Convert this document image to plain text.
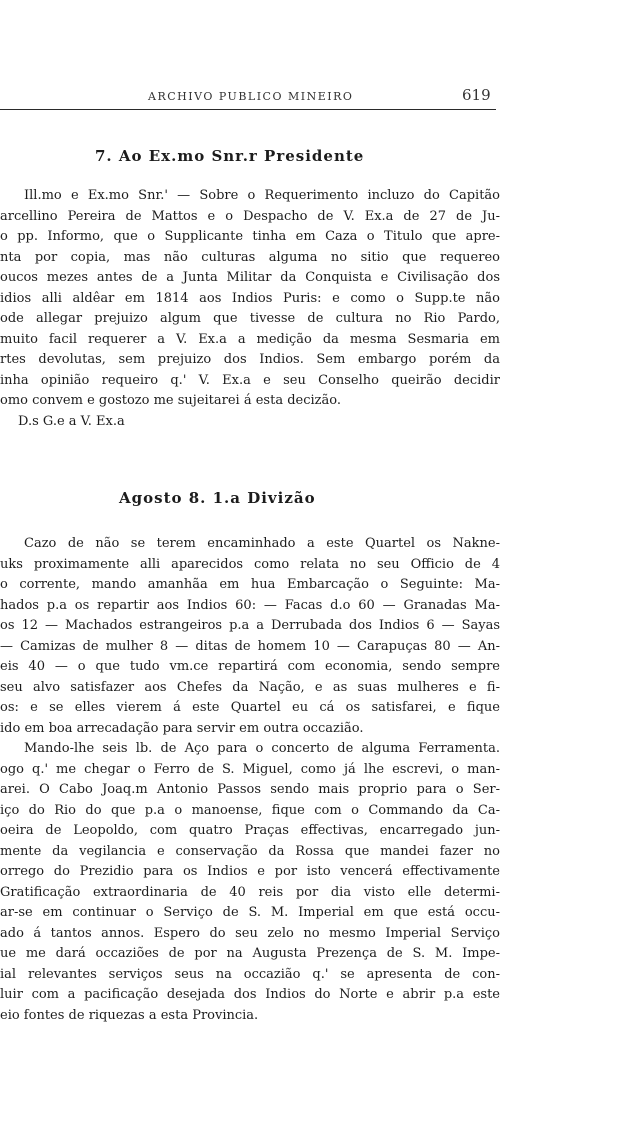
ARCHIVO PUBLICO MINEIRO	619
7. Ao Ex.mo Snr.r Presidente
Ill.mo e Ex.mo Snr.' — Sobre o Requerimento incluzo do Capitão
arcellino Pereira de Mattos e o Despacho de V. Ex.a de 27 de Ju-
o pp. Informo, que o Supplicante tinha em Caza o Titulo que apre-
nta por copia, mas não culturas alguma no sitio que requereo
oucos mezes antes de a Junta Militar da Conquista e Civilisação dos
idios alli aldêar em 1814 aos Indios Puris: e como o Supp.te não
ode allegar prejuizo algum que tivesse de cultura no Rio Pardo,
muito facil requerer a V. Ex.a a medição da mesma Sesmaria em
rtes devolutas, sem prejuizo dos Indios. Sem embargo porém da
inha opinião requeiro q.' V. Ex.a e seu Conselho queirão decidir
omo convem e gostozo me sujeitarei á esta decizão.
D.s G.e a V. Ex.a
Agosto 8. 1.a Divizão
Cazo de não se terem encaminhado a este Quartel os Nakne-
uks proximamente alli aparecidos como relata no seu Officio de 4
o corrente, mando amanhãa em hua Embarcação o Seguinte: Ma-
hados p.a os repartir aos Indios 60: — Facas d.o 60 — Granadas Ma-
os 12 — Machados estrangeiros p.a a Derrubada dos Indios 6 — Sayas
— Camizas de mulher 8 — ditas de homem 10 — Carapuças 80 — An-
eis 40 — o que tudo vm.ce repartirá com economia, sendo sempre
seu alvo satisfazer aos Chefes da Nação, e as suas mulheres e fi-
os: e se elles vierem á este Quartel eu cá os satisfarei, e fique
ido em boa arrecadação para servir em outra occazião.
Mando-lhe seis lb. de Aço para o concerto de alguma Ferramenta.
ogo q.' me chegar o Ferro de S. Miguel, como já lhe escrevi, o man-
arei. O Cabo Joaq.m Antonio Passos sendo mais proprio para o Ser-
iço do Rio do que p.a o manoense, fique com o Commando da Ca-
oeira de Leopoldo, com quatro Praças effectivas, encarregado jun-
mente da vegilancia e conservação da Rossa que mandei fazer no
orrego do Prezidio para os Indios e por isto vencerá effectivamente
Gratificação extraordinaria de 40 reis por dia visto elle determi-
ar-se em continuar o Serviço de S. M. Imperial em que está occu-
ado á tantos annos. Espero do seu zelo no mesmo Imperial Serviço
ue me dará occaziões de por na Augusta Prezença de S. M. Impe-
ial relevantes serviços seus na occazião q.' se apresenta de con-
luir com a pacificação desejada dos Indios do Norte e abrir p.a este
eio fontes de riquezas a esta Provincia.
